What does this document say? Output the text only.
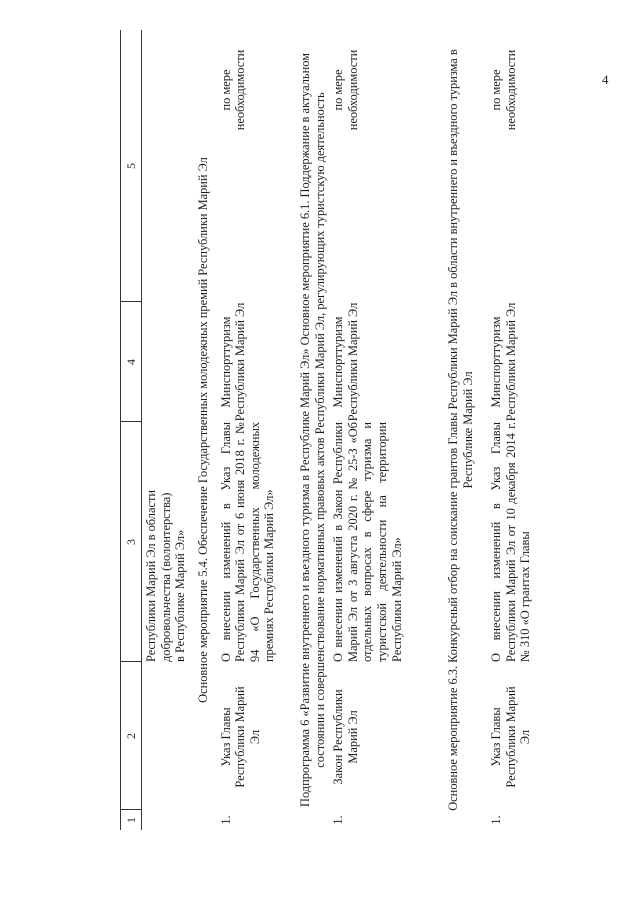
4
1
2
3
4
5
Республики Марий Эл в области добровольчества (волонтерства) в Республике Марий Эл» Основное мероприятие 5.4. Обеспечение Государственных молодежных премий Республики Марий Эл
1.
Указ Главы Республики Марий Эл
О внесении изменений в Указ Главы Республики Марий Эл от 6 июня 2018 г. № 94 «О Государственных молодежных премиях Республики Марий Эл»
Минспорттуризм Республики Марий Эл
по мере необходимости	Подпрограмма 6 «Развитие внутреннего и въездного туризма в Республике Марий Эл» Основное мероприятие 6.1. Поддержание в актуальном состоянии и совершенствование нормативных правовых актов Республики Марий Эл, регулирующих туристскую деятельность
1.
Закон Республики Марий Эл
О внесении изменений в Закон Республики Марий Эл от 3 августа 2020 г. № 25-З «Об отдельных вопросах в сфере туризма и туристской деятельности на территории Республики Марий Эл»
Минспорттуризм Республики Марий Эл
по мере необходимости	Основное мероприятие 6.3. Конкурсный отбор на соискание грантов Главы Республики Марий Эл в области внутреннего и въездного туризма в Республике Марий Эл
1.
Указ Главы Республики Марий Эл
О внесении изменений в Указ Главы Республики Марий Эл от 10 декабря 2014 г. № 310 «О грантах Главы
Минспорттуризм Республики Марий Эл
по мере необходимости
